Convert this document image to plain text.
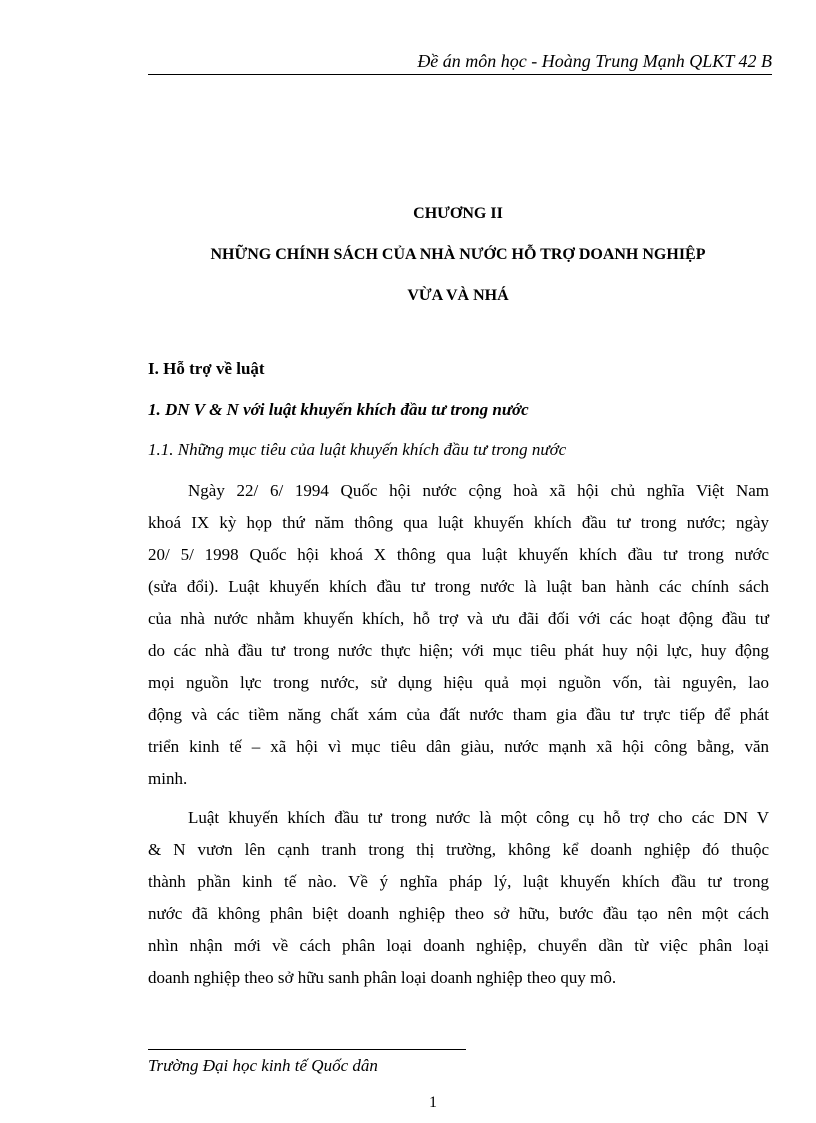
Đề án môn học - Hoàng Trung Mạnh QLKT 42 B
CHƯƠNG II
NHỮNG CHÍNH SÁCH CỦA NHÀ NƯỚC HỖ TRỢ DOANH NGHIỆP
VỪA VÀ NHÁ
I. Hỗ trợ về luật
1. DN V & N với luật khuyến khích đầu tư trong nước
1.1. Những mục tiêu của luật khuyến khích đầu tư trong nước
Ngày 22/ 6/ 1994 Quốc hội nước cộng hoà xã hội chủ nghĩa Việt Nam
khoá IX kỳ họp thứ năm thông qua luật khuyến khích đầu tư trong nước; ngày
20/ 5/ 1998 Quốc hội khoá X thông qua luật khuyến khích đầu tư trong nước
(sửa đổi). Luật khuyến khích đầu tư trong nước là luật ban hành các chính sách
của nhà nước nhằm khuyến khích, hỗ trợ và ưu đãi đối với các hoạt động đầu tư
do các nhà đầu tư trong nước thực hiện; với mục tiêu phát huy nội lực, huy động
mọi nguồn lực trong nước, sử dụng hiệu quả mọi nguồn vốn, tài nguyên, lao
động và các tiềm năng chất xám của đất nước tham gia đầu tư trực tiếp để phát
triển kinh tế – xã hội vì mục tiêu dân giàu, nước mạnh xã hội công bằng, văn
minh.
Luật khuyến khích đầu tư trong nước là một công cụ hỗ trợ cho các DN V
& N vươn lên cạnh tranh trong thị trường, không kể doanh nghiệp đó thuộc
thành phần kinh tế nào. Về ý nghĩa pháp lý, luật khuyến khích đầu tư trong
nước đã không phân biệt doanh nghiệp theo sở hữu, bước đầu tạo nên một cách
nhìn nhận mới về cách phân loại doanh nghiệp, chuyển dần từ việc phân loại
doanh nghiệp theo sở hữu sanh phân loại doanh nghiệp theo quy mô.
Trường Đại học kinh tế Quốc dân
1
